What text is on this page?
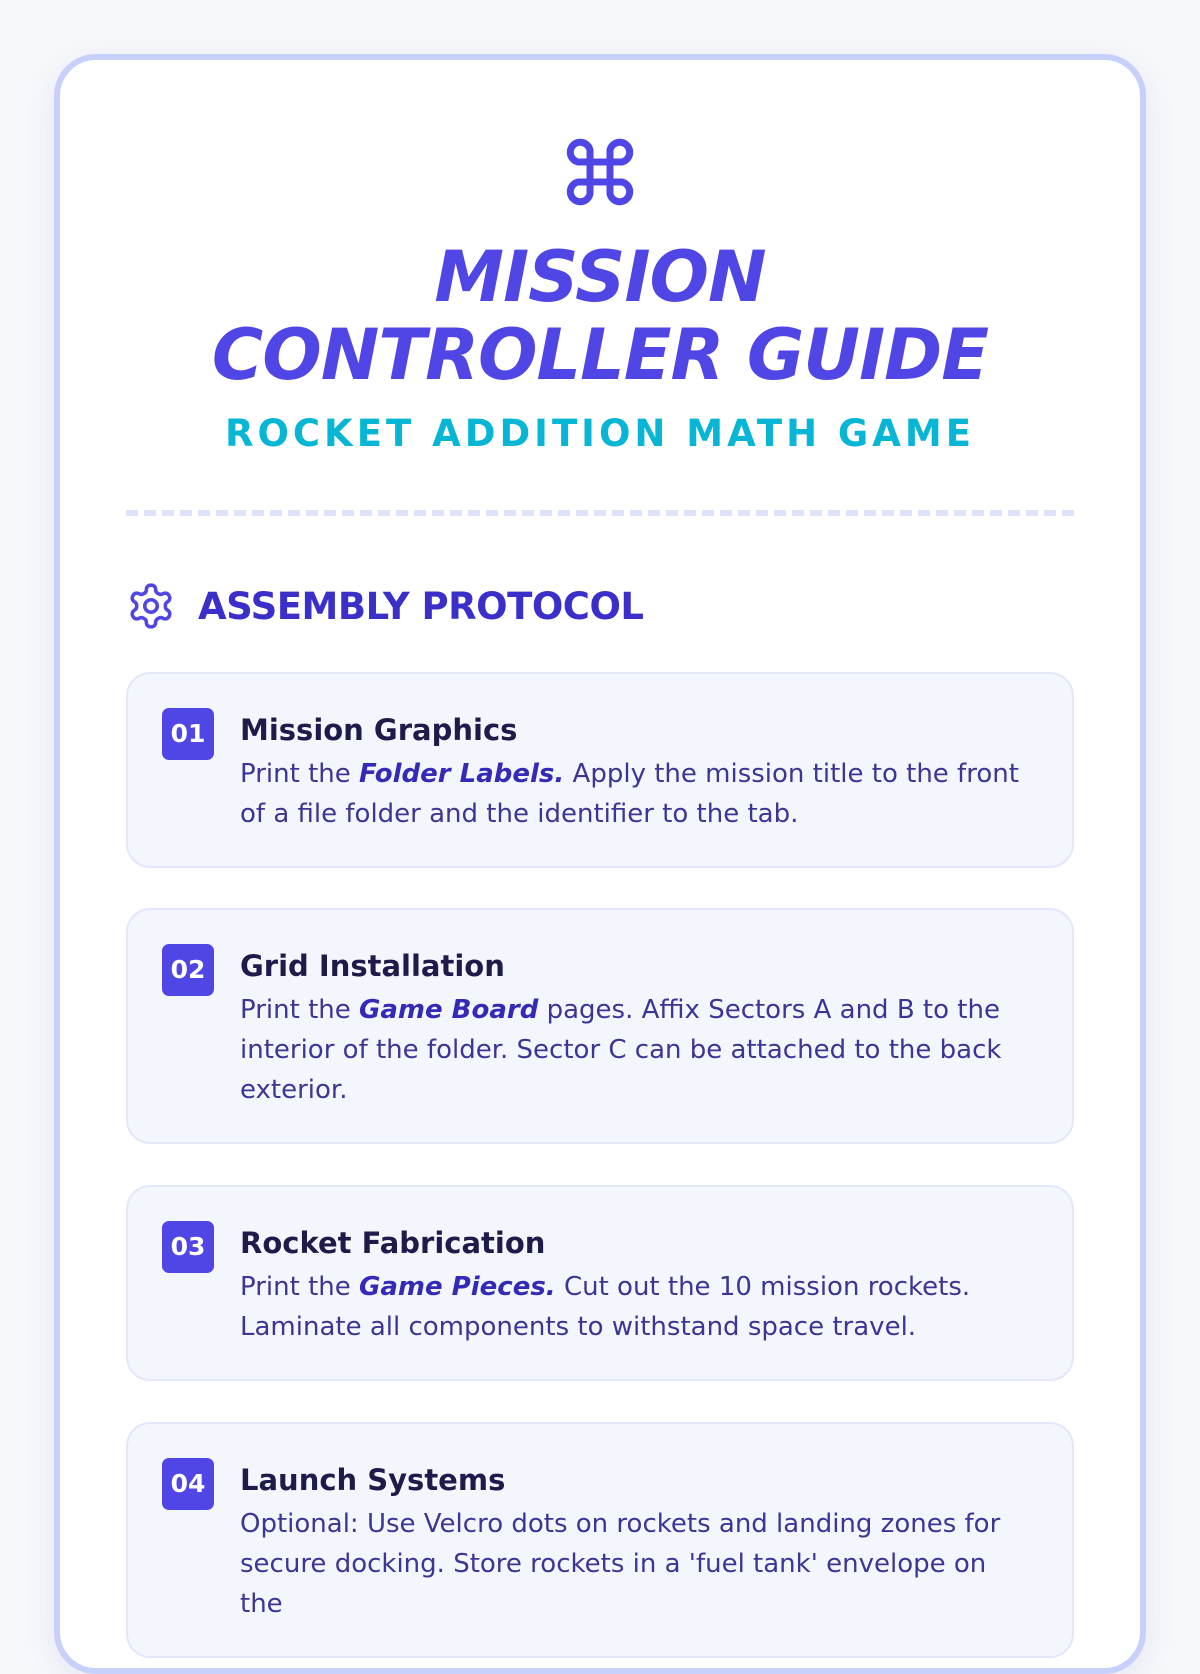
MISSION
CONTROLLER GUIDE
ROCKET ADDITION MATH GAME
ASSEMBLY PROTOCOL
01 Mission Graphics
Print the Folder Labels. Apply the mission title to the front of a file folder and the identifier to the tab.
02 Grid Installation
Print the Game Board pages. Affix Sectors A and B to the interior of the folder. Sector C can be attached to the back exterior.
03 Rocket Fabrication
Print the Game Pieces. Cut out the 10 mission rockets. Laminate all components to withstand space travel.
04 Launch Systems
Optional: Use Velcro dots on rockets and landing zones for secure docking. Store rockets in a 'fuel tank' envelope on the
